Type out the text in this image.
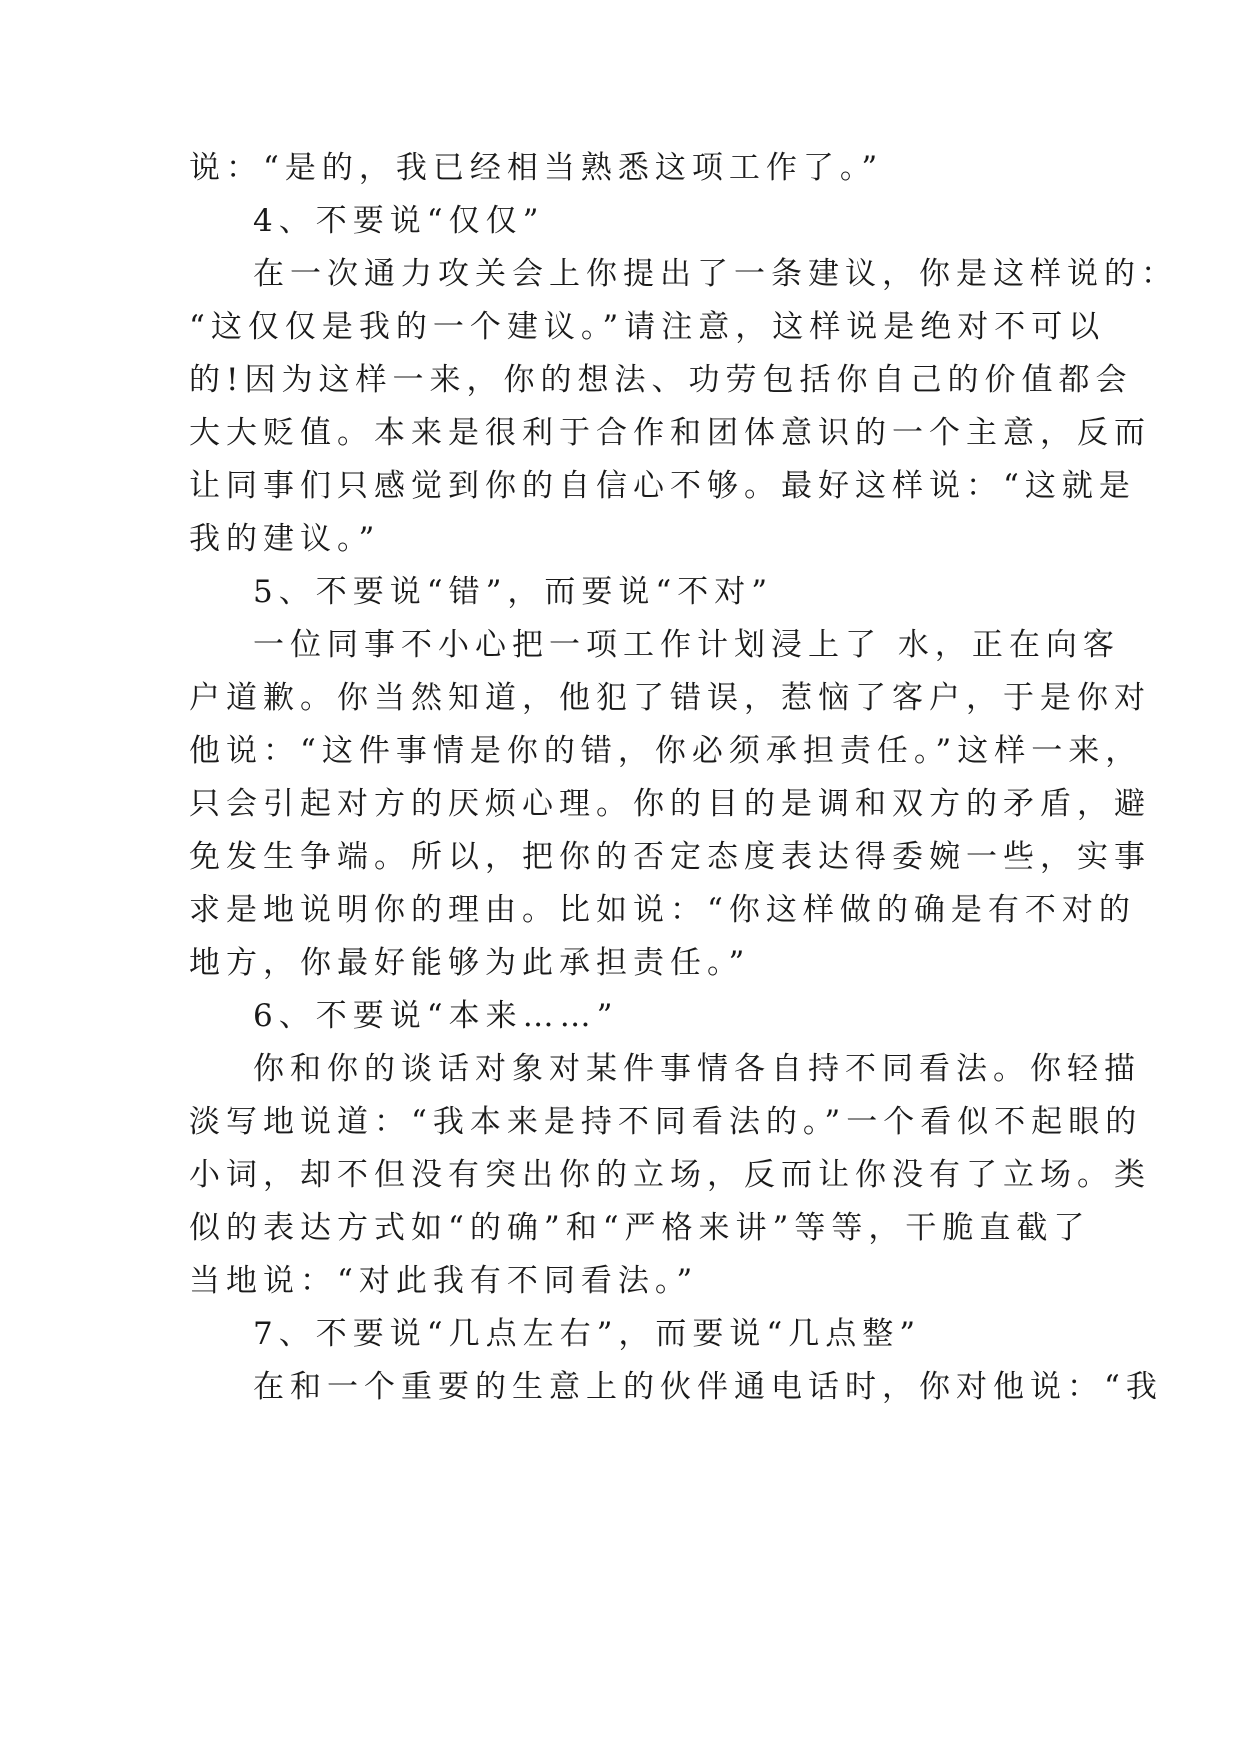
说：“是的，我已经相当熟悉这项工作了。”
4、不要说“仅仅”
在一次通力攻关会上你提出了一条建议，你是这样说的：
“这仅仅是我的一个建议。”请注意，这样说是绝对不可以
的!因为这样一来，你的想法、功劳包括你自己的价值都会
大大贬值。本来是很利于合作和团体意识的一个主意，反而
让同事们只感觉到你的自信心不够。最好这样说：“这就是
我的建议。”
5、不要说“错”，而要说“不对”
一位同事不小心把一项工作计划浸上了 水，正在向客
户道歉。你当然知道，他犯了错误，惹恼了客户，于是你对
他说：“这件事情是你的错，你必须承担责任。”这样一来，
只会引起对方的厌烦心理。你的目的是调和双方的矛盾，避
免发生争端。所以，把你的否定态度表达得委婉一些，实事
求是地说明你的理由。比如说：“你这样做的确是有不对的
地方，你最好能够为此承担责任。”
6、不要说“本来……”
你和你的谈话对象对某件事情各自持不同看法。你轻描
淡写地说道：“我本来是持不同看法的。”一个看似不起眼的
小词，却不但没有突出你的立场，反而让你没有了立场。类
似的表达方式如“的确”和“严格来讲”等等，干脆直截了
当地说：“对此我有不同看法。”
7、不要说“几点左右”，而要说“几点整”
在和一个重要的生意上的伙伴通电话时，你对他说：“我
